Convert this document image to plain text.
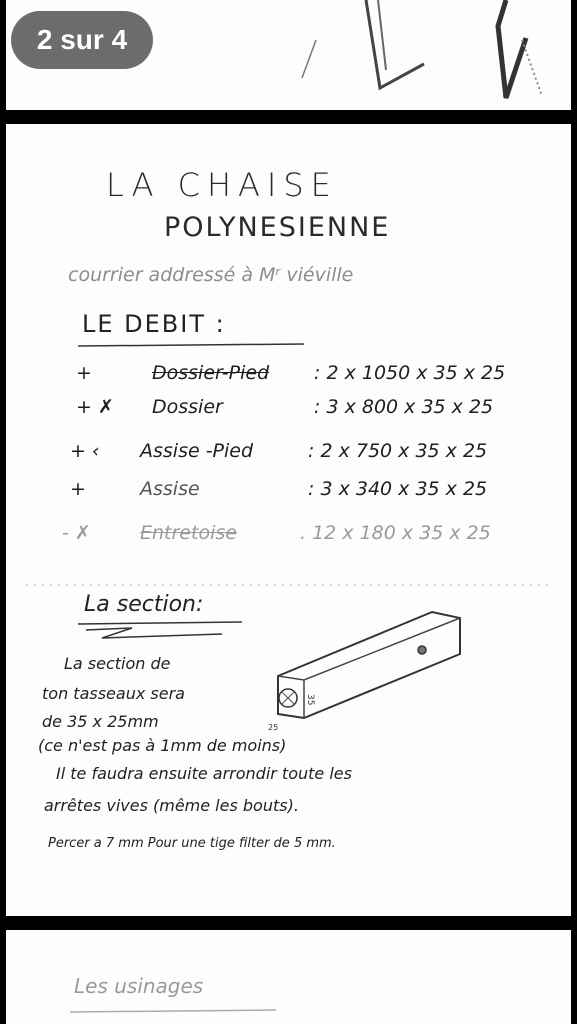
2 sur 4
LA CHAISE
POLYNESIENNE
courrier addressé à Mʳ viéville
LE DEBIT :
+	Dossier-Pied : 2 x 1050 x 35 x 25
+ ✗ Dossier	: 3 x 800 x 35 x 25
+ ‹ Assise -Pied	: 2 x 750 x 35 x 25
+	Assise	: 3 x 340 x 35 x 25
- ✗	Entretoise	. 12 x 180 x 35 x 25
La section:
La section de
ton tasseaux sera
de 35 x 25mm
(ce n'est pas à 1mm de moins)
35
25
Il te faudra ensuite arrondir toute les
arrêtes vives (même les bouts).
Percer a 7 mm Pour une tige filter de 5 mm.
Les usinages
